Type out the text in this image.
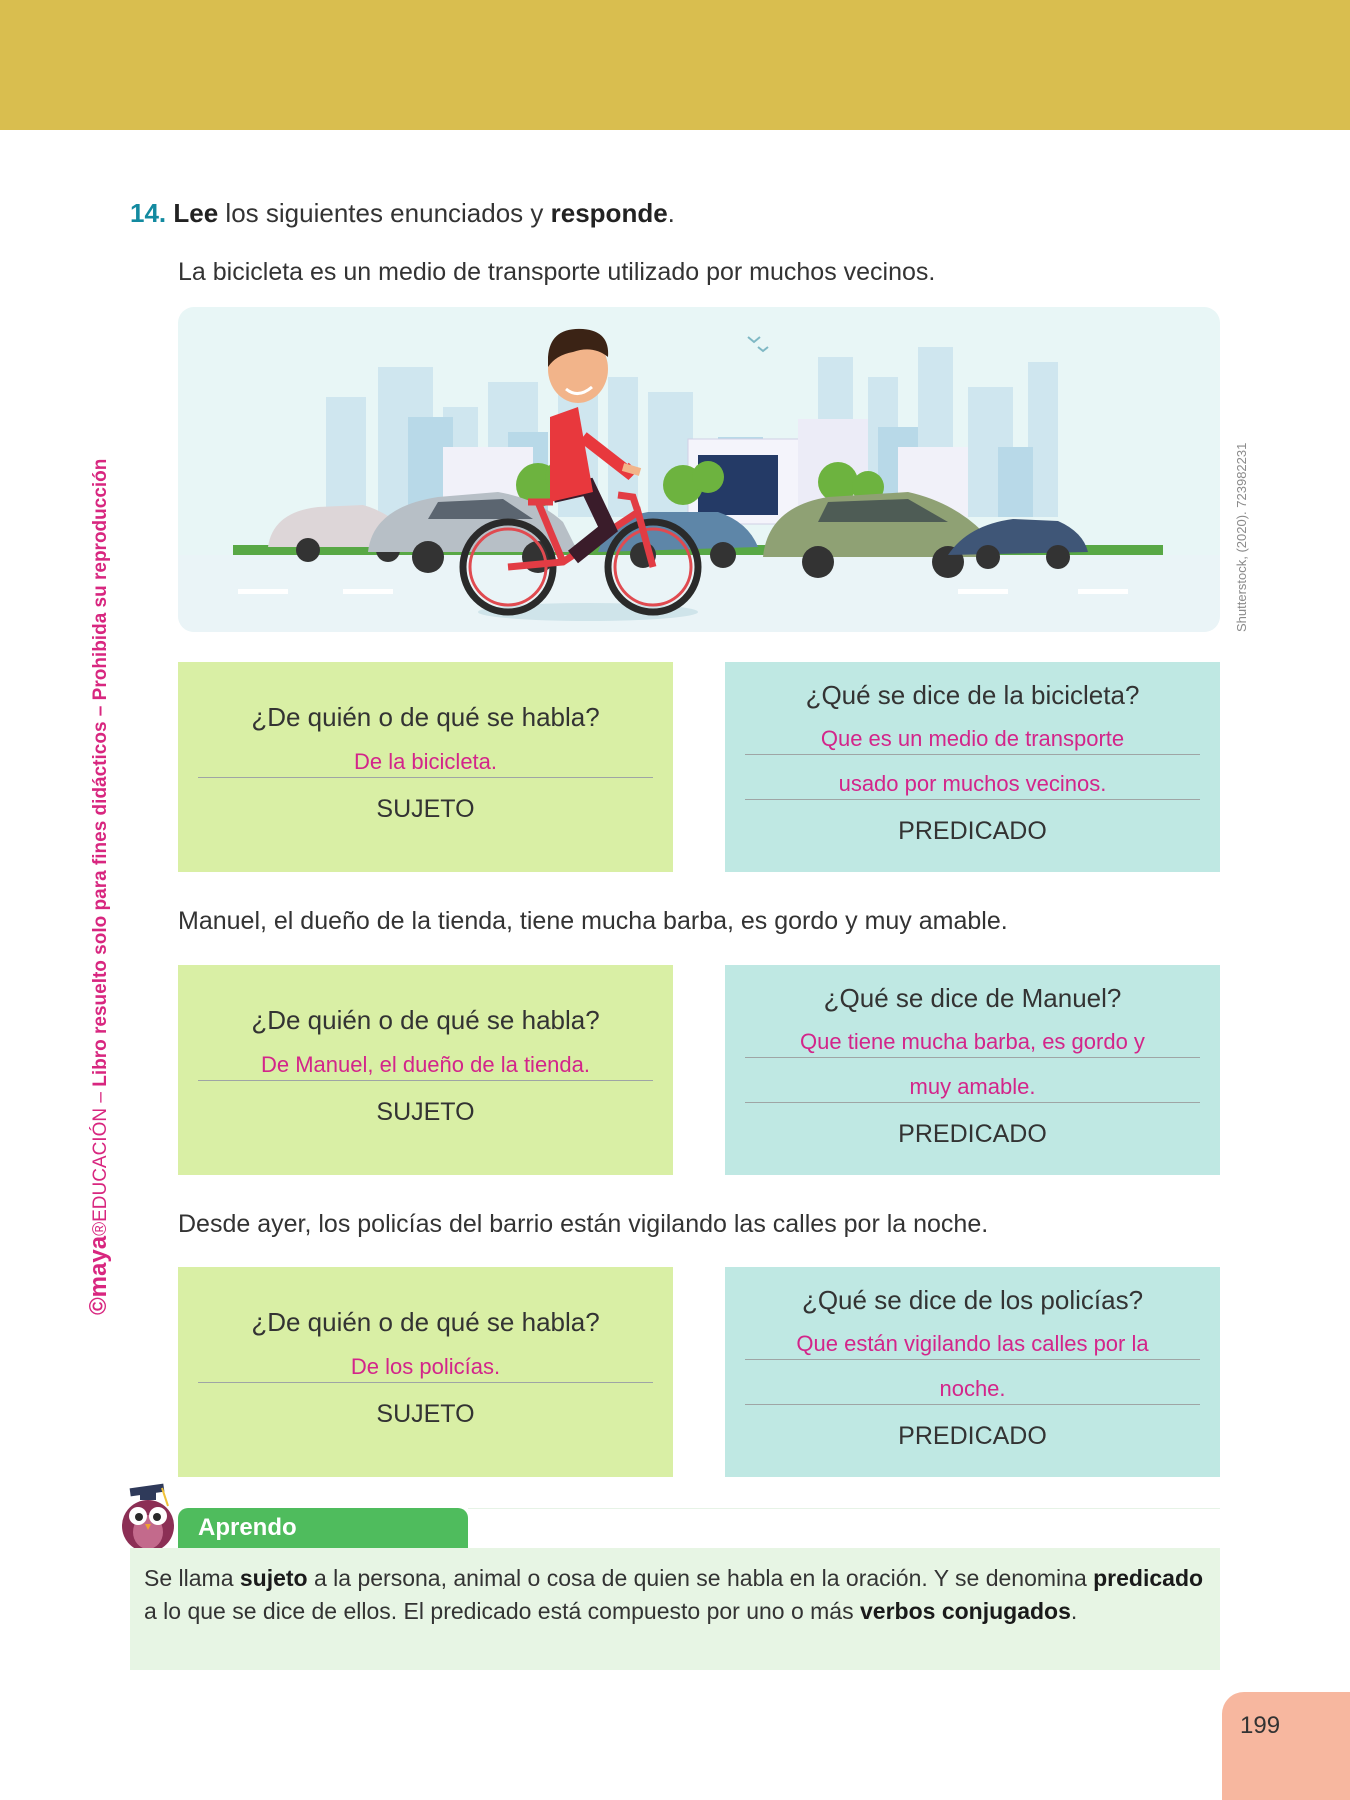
©maya®EDUCACIÓN – Libro resuelto solo para fines didácticos – Prohibida su reproducción	Shutterstock, (2020). 723982231
14. Lee los siguientes enunciados y responde.
La bicicleta es un medio de transporte utilizado por muchos vecinos.
¿De quién o de qué se habla?
De la bicicleta.
SUJETO
¿Qué se dice de la bicicleta?
Que es un medio de transporte
usado por muchos vecinos.
PREDICADO
Manuel, el dueño de la tienda, tiene mucha barba, es gordo y muy amable.
¿De quién o de qué se habla?
De Manuel, el dueño de la tienda.
SUJETO
¿Qué se dice de Manuel?
Que tiene mucha barba, es gordo y
muy amable.
PREDICADO
Desde ayer, los policías del barrio están vigilando las calles por la noche.
¿De quién o de qué se habla?
De los policías.
SUJETO
¿Qué se dice de los policías?
Que están vigilando las calles por la
noche.
PREDICADO
Aprendo
Se llama sujeto a la persona, animal o cosa de quien se habla en la oración. Y se denomina predicado a lo que se dice de ellos. El predicado está compuesto por uno o más verbos conjugados.
199
